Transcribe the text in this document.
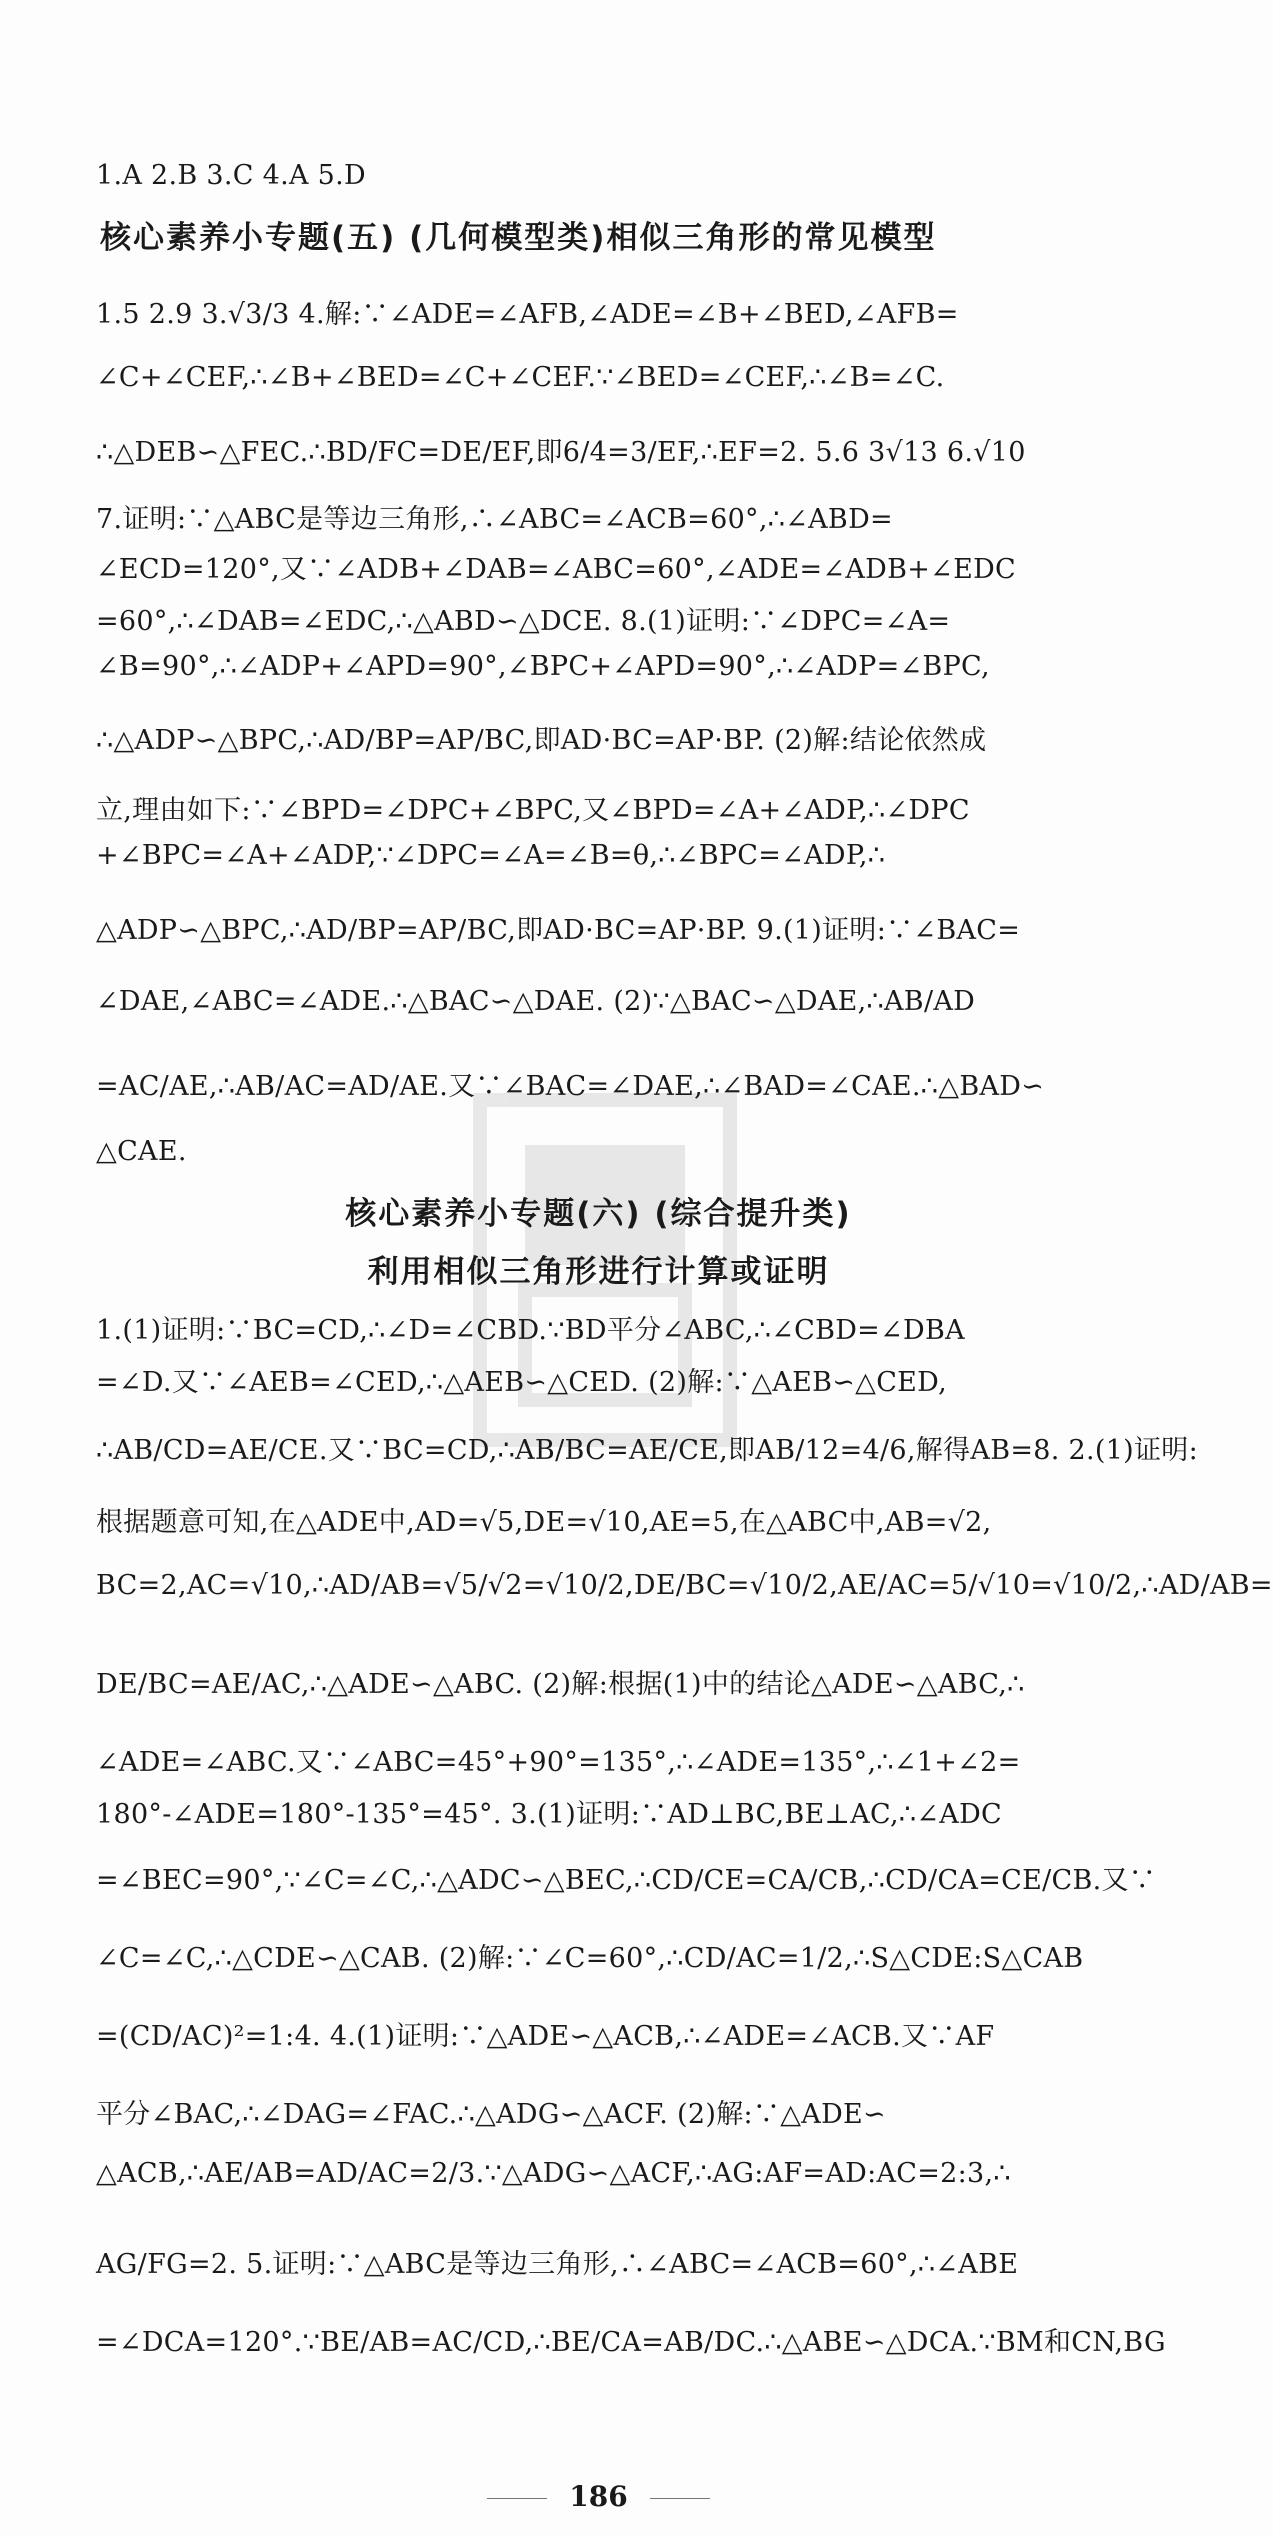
1.A 2.B 3.C 4.A 5.D
核心素养小专题(五) (几何模型类)相似三角形的常见模型
1.5 2.9 3.√3/3 4.解:∵∠ADE=∠AFB,∠ADE=∠B+∠BED,∠AFB=
∠C+∠CEF,∴∠B+∠BED=∠C+∠CEF.∵∠BED=∠CEF,∴∠B=∠C.
∴△DEB∽△FEC.∴BD/FC=DE/EF,即6/4=3/EF,∴EF=2. 5.6 3√13 6.√10
7.证明:∵△ABC是等边三角形,∴∠ABC=∠ACB=60°,∴∠ABD=
∠ECD=120°,又∵∠ADB+∠DAB=∠ABC=60°,∠ADE=∠ADB+∠EDC
=60°,∴∠DAB=∠EDC,∴△ABD∽△DCE. 8.(1)证明:∵∠DPC=∠A=
∠B=90°,∴∠ADP+∠APD=90°,∠BPC+∠APD=90°,∴∠ADP=∠BPC,
∴△ADP∽△BPC,∴AD/BP=AP/BC,即AD·BC=AP·BP. (2)解:结论依然成
立,理由如下:∵∠BPD=∠DPC+∠BPC,又∠BPD=∠A+∠ADP,∴∠DPC
+∠BPC=∠A+∠ADP,∵∠DPC=∠A=∠B=θ,∴∠BPC=∠ADP,∴
△ADP∽△BPC,∴AD/BP=AP/BC,即AD·BC=AP·BP. 9.(1)证明:∵∠BAC=
∠DAE,∠ABC=∠ADE.∴△BAC∽△DAE. (2)∵△BAC∽△DAE,∴AB/AD
=AC/AE,∴AB/AC=AD/AE.又∵∠BAC=∠DAE,∴∠BAD=∠CAE.∴△BAD∽
△CAE.
核心素养小专题(六) (综合提升类)
利用相似三角形进行计算或证明
1.(1)证明:∵BC=CD,∴∠D=∠CBD.∵BD平分∠ABC,∴∠CBD=∠DBA
=∠D.又∵∠AEB=∠CED,∴△AEB∽△CED. (2)解:∵△AEB∽△CED,
∴AB/CD=AE/CE.又∵BC=CD,∴AB/BC=AE/CE,即AB/12=4/6,解得AB=8. 2.(1)证明:
根据题意可知,在△ADE中,AD=√5,DE=√10,AE=5,在△ABC中,AB=√2,
BC=2,AC=√10,∴AD/AB=√5/√2=√10/2,DE/BC=√10/2,AE/AC=5/√10=√10/2,∴AD/AB=
DE/BC=AE/AC,∴△ADE∽△ABC. (2)解:根据(1)中的结论△ADE∽△ABC,∴
∠ADE=∠ABC.又∵∠ABC=45°+90°=135°,∴∠ADE=135°,∴∠1+∠2=
180°-∠ADE=180°-135°=45°. 3.(1)证明:∵AD⊥BC,BE⊥AC,∴∠ADC
=∠BEC=90°,∵∠C=∠C,∴△ADC∽△BEC,∴CD/CE=CA/CB,∴CD/CA=CE/CB.又∵
∠C=∠C,∴△CDE∽△CAB. (2)解:∵∠C=60°,∴CD/AC=1/2,∴S△CDE:S△CAB
=(CD/AC)²=1:4. 4.(1)证明:∵△ADE∽△ACB,∴∠ADE=∠ACB.又∵AF
平分∠BAC,∴∠DAG=∠FAC.∴△ADG∽△ACF. (2)解:∵△ADE∽
△ACB,∴AE/AB=AD/AC=2/3.∵△ADG∽△ACF,∴AG:AF=AD:AC=2:3,∴
AG/FG=2. 5.证明:∵△ABC是等边三角形,∴∠ABC=∠ACB=60°,∴∠ABE
=∠DCA=120°.∵BE/AB=AC/CD,∴BE/CA=AB/DC.∴△ABE∽△DCA.∵BM和CN,BG
186
